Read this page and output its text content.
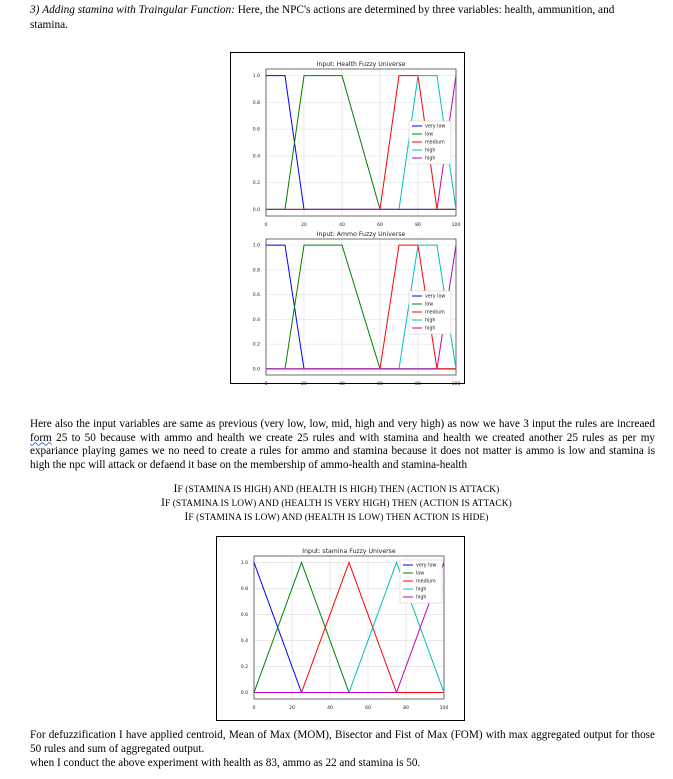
3) Adding stamina with Traingular Function: Here, the NPC's actions are determined by three variables: health, ammunition, and stamina.
Input: Health Fuzzy Universe
0	20	40	60	80	100
0.0
0.2
0.4
0.6
0.8
1.0
very low
low
medium
high
high
Input: Ammo Fuzzy Universe
0	20	40	60	80	100
0.0
0.2
0.4
0.6
0.8
1.0
very low
low
medium
high
high
Here also the input variables are same as previous (very low, low, mid, high and very high) as now we have 3 input the rules are increaed form 25 to 50 because with ammo and health we create 25 rules and with stamina and health we created another 25 rules as per my expariance playing games we no need to create a rules for ammo and stamina because it does not matter is ammo is low and stamina is high the npc will attack or defaend it base on the membership of ammo-health and stamina-health
IF (STAMINA IS HIGH) AND (HEALTH IS HIGH) THEN (ACTION IS ATTACK)
IF (STAMINA IS LOW) AND (HEALTH IS VERY HIGH) THEN (ACTION IS ATTACK)
IF (STAMINA IS LOW) AND (HEALTH IS LOW) THEN ACTION IS HIDE)
Input: stamina Fuzzy Universe
0	20	40	60	80	100
0.0
0.2
0.4
0.6
0.8
1.0
very low
low
medium
high
high
For defuzzification I have applied centroid, Mean of Max (MOM), Bisector and Fist of Max (FOM) with max aggregated output for those 50 rules and sum of aggregated output.
when I conduct the above experiment with health as 83, ammo as 22 and stamina is 50.
